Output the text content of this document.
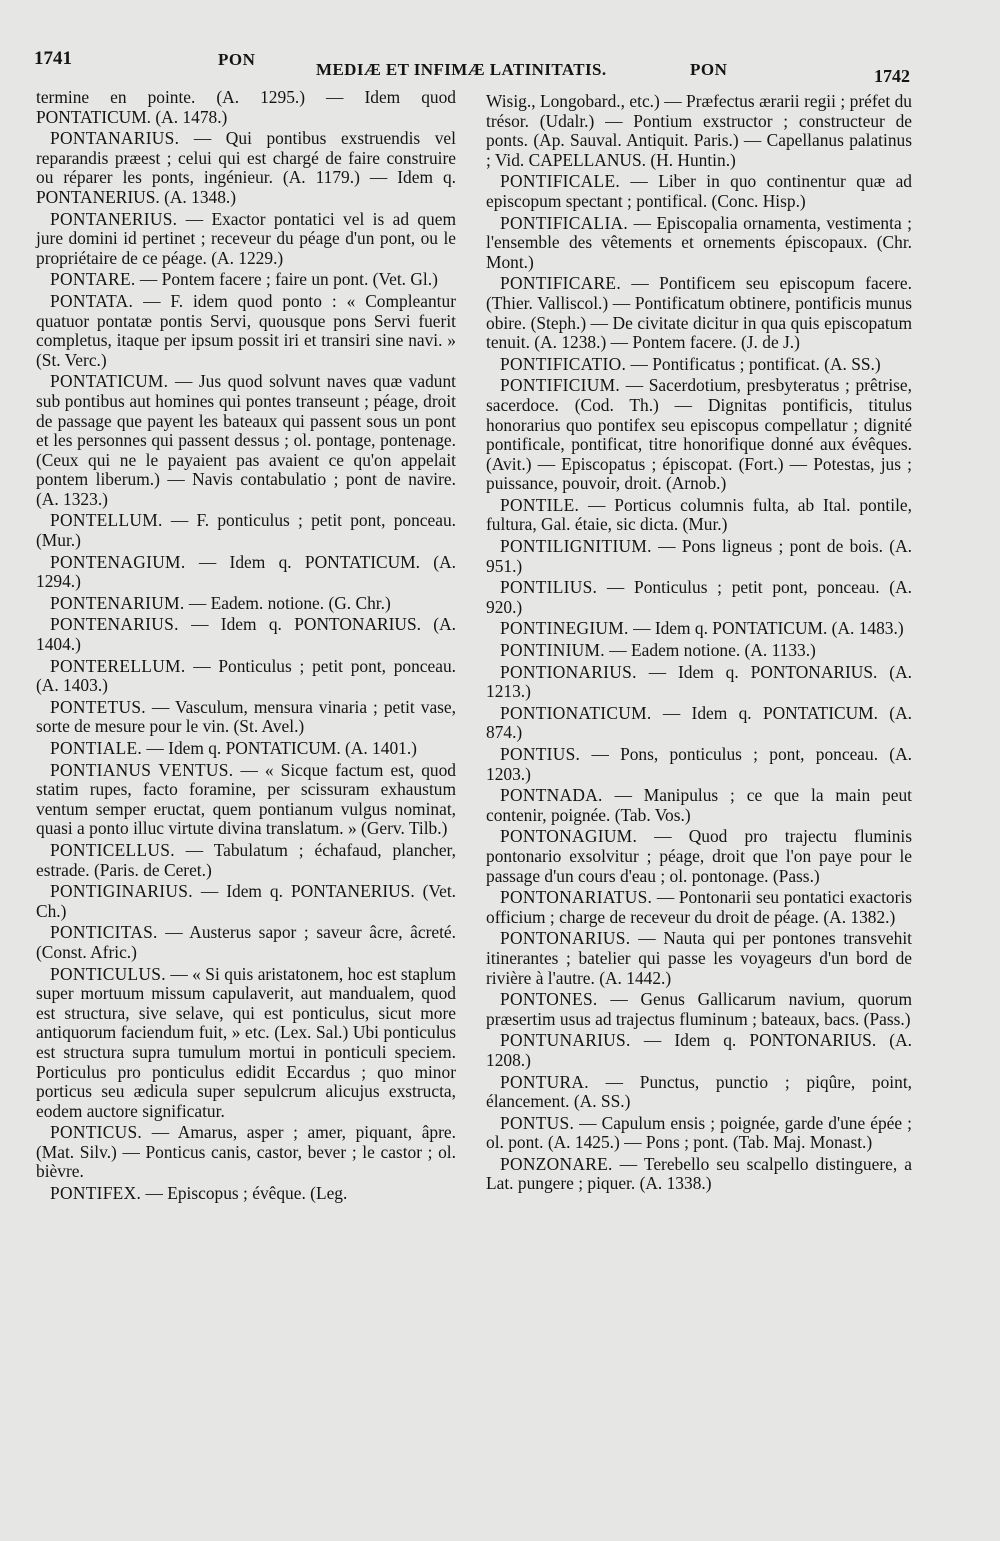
1741	PON
MEDIÆ ET INFIMÆ LATINITATIS.	PON	1742

termine en pointe. (A. 1295.) — Idem quod PONTATICUM. (A. 1478.)

PONTANARIUS. — Qui pontibus exstruendis vel reparandis præest ; celui qui est chargé de faire construire ou réparer les ponts, ingénieur. (A. 1179.) — Idem q. PONTANERIUS. (A. 1348.)

PONTANERIUS. — Exactor pontatici vel is ad quem jure domini id pertinet ; receveur du péage d'un pont, ou le propriétaire de ce péage. (A. 1229.)

PONTARE. — Pontem facere ; faire un pont. (Vet. Gl.)

PONTATA. — F. idem quod ponto : « Compleantur quatuor pontatæ pontis Servi, quousque pons Servi fuerit completus, itaque per ipsum possit iri et transiri sine navi. » (St. Verc.)

PONTATICUM. — Jus quod solvunt naves quæ vadunt sub pontibus aut homines qui pontes transeunt ; péage, droit de passage que payent les bateaux qui passent sous un pont et les personnes qui passent dessus ; ol. pontage, pontenage. (Ceux qui ne le payaient pas avaient ce qu'on appelait pontem liberum.) — Navis contabulatio ; pont de navire. (A. 1323.)

PONTELLUM. — F. ponticulus ; petit pont, ponceau. (Mur.)

PONTENAGIUM. — Idem q. PONTATICUM. (A. 1294.)

PONTENARIUM. — Eadem. notione. (G. Chr.)

PONTENARIUS. — Idem q. PONTONARIUS. (A. 1404.)

PONTERELLUM. — Ponticulus ; petit pont, ponceau. (A. 1403.)

PONTETUS. — Vasculum, mensura vinaria ; petit vase, sorte de mesure pour le vin. (St. Avel.)

PONTIALE. — Idem q. PONTATICUM. (A. 1401.)

PONTIANUS VENTUS. — « Sicque factum est, quod statim rupes, facto foramine, per scissuram exhaustum ventum semper eructat, quem pontianum vulgus nominat, quasi a ponto illuc virtute divina translatum. » (Gerv. Tilb.)

PONTICELLUS. — Tabulatum ; échafaud, plancher, estrade. (Paris. de Ceret.)

PONTIGINARIUS. — Idem q. PONTANERIUS. (Vet. Ch.)

PONTICITAS. — Austerus sapor ; saveur âcre, âcreté. (Const. Afric.)

PONTICULUS. — « Si quis aristatonem, hoc est staplum super mortuum missum capulaverit, aut mandualem, quod est structura, sive selave, qui est ponticulus, sicut more antiquorum faciendum fuit, » etc. (Lex. Sal.) Ubi ponticulus est structura supra tumulum mortui in ponticuli speciem. Porticulus pro ponticulus edidit Eccardus ; quo minor porticus seu ædicula super sepulcrum alicujus exstructa, eodem auctore significatur.

PONTICUS. — Amarus, asper ; amer, piquant, âpre. (Mat. Silv.) — Ponticus canis, castor, bever ; le castor ; ol. bièvre.

PONTIFEX. — Episcopus ; évêque. (Leg.

Wisig., Longobard., etc.) — Præfectus ærarii regii ; préfet du trésor. (Udalr.) — Pontium exstructor ; constructeur de ponts. (Ap. Sauval. Antiquit. Paris.) — Capellanus palatinus ; Vid. CAPELLANUS. (H. Huntin.)

PONTIFICALE. — Liber in quo continentur quæ ad episcopum spectant ; pontifical. (Conc. Hisp.)

PONTIFICALIA. — Episcopalia ornamenta, vestimenta ; l'ensemble des vêtements et ornements épiscopaux. (Chr. Mont.)

PONTIFICARE. — Pontificem seu episcopum facere. (Thier. Valliscol.) — Pontificatum obtinere, pontificis munus obire. (Steph.) — De civitate dicitur in qua quis episcopatum tenuit. (A. 1238.) — Pontem facere. (J. de J.)

PONTIFICATIO. — Pontificatus ; pontificat. (A. SS.)

PONTIFICIUM. — Sacerdotium, presbyteratus ; prêtrise, sacerdoce. (Cod. Th.) — Dignitas pontificis, titulus honorarius quo pontifex seu episcopus compellatur ; dignité pontificale, pontificat, titre honorifique donné aux évêques. (Avit.) — Episcopatus ; épiscopat. (Fort.) — Potestas, jus ; puissance, pouvoir, droit. (Arnob.)

PONTILE. — Porticus columnis fulta, ab Ital. pontile, fultura, Gal. étaie, sic dicta. (Mur.)

PONTILIGNITIUM. — Pons ligneus ; pont de bois. (A. 951.)

PONTILIUS. — Ponticulus ; petit pont, ponceau. (A. 920.)

PONTINEGIUM. — Idem q. PONTATICUM. (A. 1483.)

PONTINIUM. — Eadem notione. (A. 1133.)

PONTIONARIUS. — Idem q. PONTONARIUS. (A. 1213.)

PONTIONATICUM. — Idem q. PONTATICUM. (A. 874.)

PONTIUS. — Pons, ponticulus ; pont, ponceau. (A. 1203.)

PONTNADA. — Manipulus ; ce que la main peut contenir, poignée. (Tab. Vos.)

PONTONAGIUM. — Quod pro trajectu fluminis pontonario exsolvitur ; péage, droit que l'on paye pour le passage d'un cours d'eau ; ol. pontonage. (Pass.)

PONTONARIATUS. — Pontonarii seu pontatici exactoris officium ; charge de receveur du droit de péage. (A. 1382.)

PONTONARIUS. — Nauta qui per pontones transvehit itinerantes ; batelier qui passe les voyageurs d'un bord de rivière à l'autre. (A. 1442.)

PONTONES. — Genus Gallicarum navium, quorum præsertim usus ad trajectus fluminum ; bateaux, bacs. (Pass.)

PONTUNARIUS. — Idem q. PONTONARIUS. (A. 1208.)

PONTURA. — Punctus, punctio ; piqûre, point, élancement. (A. SS.)

PONTUS. — Capulum ensis ; poignée, garde d'une épée ; ol. pont. (A. 1425.) — Pons ; pont. (Tab. Maj. Monast.)

PONZONARE. — Terebello seu scalpello distinguere, a Lat. pungere ; piquer. (A. 1338.)
